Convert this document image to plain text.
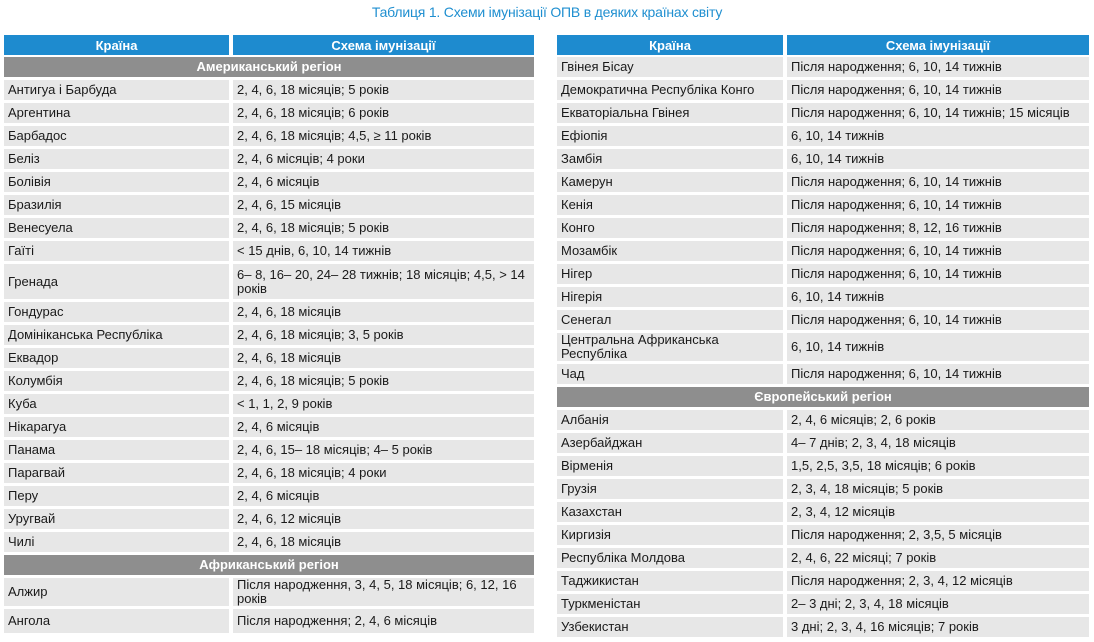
Таблиця 1. Схеми імунізації ОПВ в деяких країнах світу
Країна	Схема імунізації
Американський регіон	
Антигуа і Барбуда	2, 4, 6, 18 місяців; 5 років
Аргентина	2, 4, 6, 18 місяців; 6 років
Барбадос	2, 4, 6, 18 місяців; 4,5, ≥ 11 років
Беліз	2, 4, 6 місяців; 4 роки
Болівія	2, 4, 6 місяців
Бразилія	2, 4, 6, 15 місяців
Венесуела	2, 4, 6, 18 місяців; 5 років
Гаїті	< 15 днів, 6, 10, 14 тижнів
Гренада	6– 8, 16– 20, 24– 28 тижнів; 18 місяців; 4,5, > 14 років
Гондурас	2, 4, 6, 18 місяців
Домініканська Республіка	2, 4, 6, 18 місяців; 3, 5 років
Еквадор	2, 4, 6, 18 місяців
Колумбія	2, 4, 6, 18 місяців; 5 років
Куба	< 1, 1, 2, 9 років
Нікарагуа	2, 4, 6 місяців
Панама	2, 4, 6, 15– 18 місяців; 4– 5 років
Парагвай	2, 4, 6, 18 місяців; 4 роки
Перу	2, 4, 6 місяців
Уругвай	2, 4, 6, 12 місяців
Чилі	2, 4, 6, 18 місяців
Африканський регіон	
Алжир	Після народження, 3, 4, 5, 18 місяців; 6, 12, 16 років
Ангола	Після народження; 2, 4, 6 місяців
Країна	Схема імунізації
Гвінея Бісау	Після народження; 6, 10, 14 тижнів
Демократична Республіка Конго	Після народження; 6, 10, 14 тижнів
Екваторіальна Гвінея	Після народження; 6, 10, 14 тижнів; 15 місяців
Ефіопія	6, 10, 14 тижнів
Замбія	6, 10, 14 тижнів
Камерун	Після народження; 6, 10, 14 тижнів
Кенія	Після народження; 6, 10, 14 тижнів
Конго	Після народження; 8, 12, 16 тижнів
Мозамбік	Після народження; 6, 10, 14 тижнів
Нігер	Після народження; 6, 10, 14 тижнів
Нігерія	6, 10, 14 тижнів
Сенегал	Після народження; 6, 10, 14 тижнів
Центральна Африканська Республіка	6, 10, 14 тижнів
Чад	Після народження; 6, 10, 14 тижнів
Європейський регіон	
Албанія	2, 4, 6 місяців; 2, 6 років
Азербайджан	4– 7 днів; 2, 3, 4, 18 місяців
Вірменія	1,5, 2,5, 3,5, 18 місяців; 6 років
Грузія	2, 3, 4, 18 місяців; 5 років
Казахстан	2, 3, 4, 12 місяців
Киргизія	Після народження; 2, 3,5, 5 місяців
Республіка Молдова	2, 4, 6, 22 місяці; 7 років
Таджикистан	Після народження; 2, 3, 4, 12 місяців
Туркменістан	2– 3 дні; 2, 3, 4, 18 місяців
Узбекистан	3 дні; 2, 3, 4, 16 місяців; 7 років
